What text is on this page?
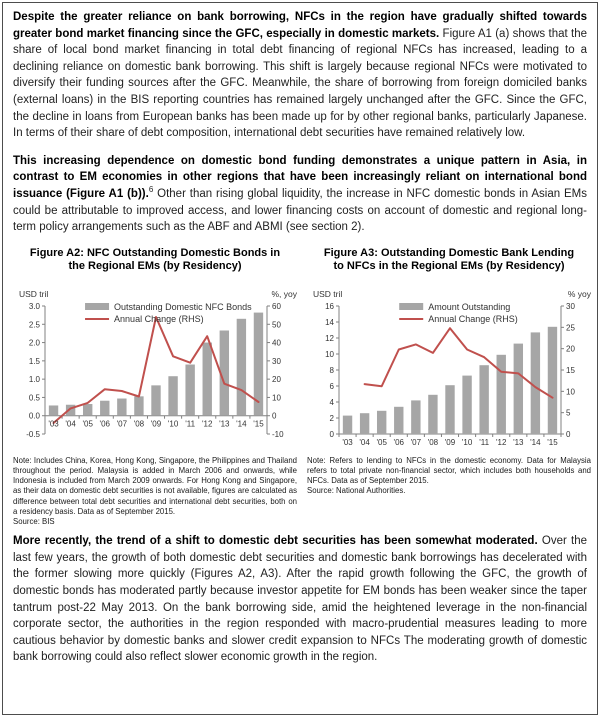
Despite the greater reliance on bank borrowing, NFCs in the region have gradually shifted towards greater bond market financing since the GFC, especially in domestic markets. Figure A1 (a) shows that the share of local bond market financing in total debt financing of regional NFCs has increased, leading to a declining reliance on domestic bank borrowing. This shift is largely because regional NFCs were motivated to diversify their funding sources after the GFC. Meanwhile, the share of borrowing from foreign domiciled banks (external loans) in the BIS reporting countries has remained largely unchanged after the GFC. Since the GFC, the decline in loans from European banks has been made up for by other regional banks, particularly Japanese. In terms of their share of debt composition, international debt securities have remained relatively low.

This increasing dependence on domestic bond funding demonstrates a unique pattern in Asia, in contrast to EM economies in other regions that have been increasingly reliant on international bond issuance (Figure A1 (b)).$^6$ Other than rising global liquidity, the increase in NFC domestic bonds in Asian EMs could be attributable to improved access, and lower financing costs on account of domestic and regional long-term policy arrangements such as the ABF and ABMI (see section 2).

Figure A2: NFC Outstanding Domestic Bonds in the Regional EMs (by Residency)
USD tril	%, yoy
3.0
2.5
2.0
1.5
1.0
0.5
0.0
-0.5
60
50
40
30
20
10
0
-10
'03 '04 '05 '06 '07 '08 '09 '10 '11 '12 '13 '14 '15
Outstanding Domestic NFC Bonds
Annual Change (RHS)
Note: Includes China, Korea, Hong Kong, Singapore, the Philippines and Thailand throughout the period. Malaysia is added in March 2006 and onwards, while Indonesia is included from March 2009 onwards. For Hong Kong and Singapore, as their data on domestic debt securities is not available, figures are calculated as difference between total debt securities and international debt securities, both on a residency basis. Data as of September 2015.
Source: BIS
Figure A3: Outstanding Domestic Bank Lending to NFCs in the Regional EMs (by Residency)
USD tril	% yoy
16
14
12
10
8
6
4
2
0
30
25
20
15
10
5
0
'03 '04 '05 '06 '07 '08 '09 '10 '11 '12 '13 '14 '15
Amount Outstanding
Annual Change (RHS)
Note: Refers to lending to NFCs in the domestic economy. Data for Malaysia refers to total private non-financial sector, which includes both households and NFCs. Data as of September 2015.
Source: National Authorities.

More recently, the trend of a shift to domestic debt securities has been somewhat moderated. Over the last few years, the growth of both domestic debt securities and domestic bank borrowings has decelerated with the former slowing more quickly (Figures A2, A3). After the rapid growth following the GFC, the growth of domestic bonds has moderated partly because investor appetite for EM bonds has been weaker since the taper tantrum post-22 May 2013. On the bank borrowing side, amid the heightened leverage in the non-financial corporate sector, the authorities in the region responded with macro-prudential measures leading to more cautious behavior by domestic banks and slower credit expansion to NFCs The moderating growth of domestic bank borrowing could also reflect slower economic growth in the region.
